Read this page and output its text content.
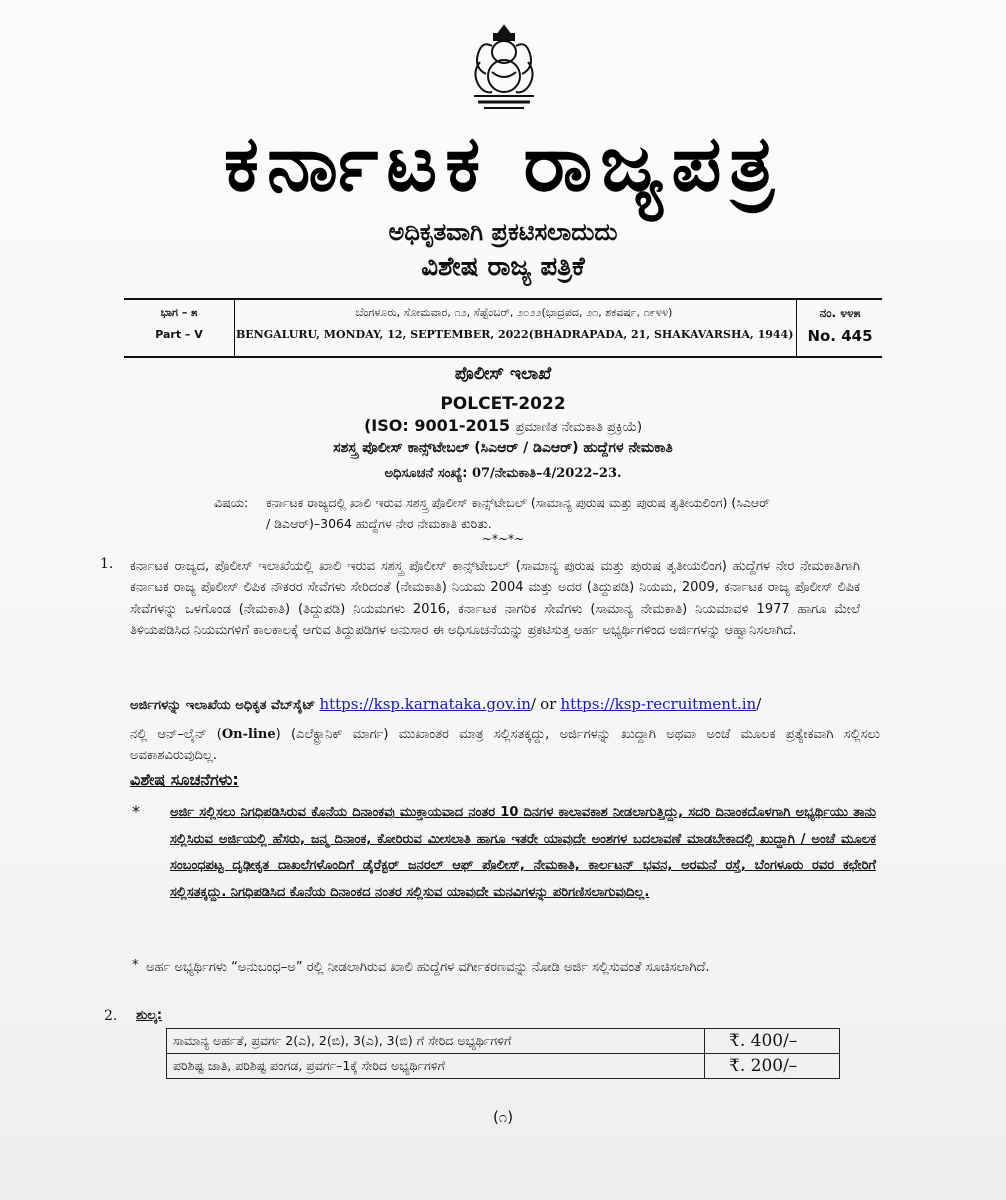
ಕರ್ನಾಟಕ ರಾಜ್ಯಪತ್ರ
ಅಧಿಕೃತವಾಗಿ ಪ್ರಕಟಿಸಲಾದುದು
ವಿಶೇಷ ರಾಜ್ಯ ಪತ್ರಿಕೆ
ಭಾಗ – ೫
Part – V
ಬೆಂಗಳೂರು, ಸೋಮವಾರ, ೧೨, ಸೆಪ್ಟೆಂಬರ್, ೨೦೨೨(ಭಾದ್ರಪದ, ೨೧, ಶಕವರ್ಷ, ೧೯೪೪)
BENGALURU, MONDAY, 12, SEPTEMBER, 2022(BHADRAPADA, 21, SHAKAVARSHA, 1944)
ನಂ. ೪೪೫
No. 445
ಪೊಲೀಸ್ ಇಲಾಖೆ
POLCET-2022
(ISO: 9001-2015 ಪ್ರಮಾಣಿತ ನೇಮಕಾತಿ ಪ್ರಕ್ರಿಯೆ)
ಸಶಸ್ತ್ರ ಪೊಲೀಸ್ ಕಾನ್ಸ್‌ಟೇಬಲ್ (ಸಿಎಆರ್ / ಡಿಎಆರ್) ಹುದ್ದೆಗಳ ನೇಮಕಾತಿ
ಅಧಿಸೂಚನೆ ಸಂಖ್ಯೆ: 07/ನೇಮಕಾತಿ–4/2022–23.
ವಿಷಯ: ಕರ್ನಾಟಕ ರಾಜ್ಯದಲ್ಲಿ ಖಾಲಿ ಇರುವ ಸಶಸ್ತ್ರ ಪೊಲೀಸ್ ಕಾನ್ಸ್‌ಟೇಬಲ್ (ಸಾಮಾನ್ಯ ಪುರುಷ ಮತ್ತು ಪುರುಷ ತೃತೀಯಲಿಂಗ) (ಸಿಎಆರ್ / ಡಿಎಆರ್)–3064 ಹುದ್ದೆಗಳ ನೇರ ನೇಮಕಾತಿ ಕುರಿತು.
~*~*~
1. ಕರ್ನಾಟಕ ರಾಜ್ಯದ, ಪೊಲೀಸ್ ಇಲಾಖೆಯಲ್ಲಿ ಖಾಲಿ ಇರುವ ಸಶಸ್ತ್ರ ಪೊಲೀಸ್ ಕಾನ್ಸ್‌ಟೇಬಲ್ (ಸಾಮಾನ್ಯ ಪುರುಷ ಮತ್ತು ಪುರುಷ ತೃತೀಯಲಿಂಗ) ಹುದ್ದೆಗಳ ನೇರ ನೇಮಕಾತಿಗಾಗಿ ಕರ್ನಾಟಕ ರಾಜ್ಯ ಪೊಲೀಸ್ ಲಿಪಿಕ ನೌಕರರ ಸೇವೆಗಳು ಸೇರಿದಂತೆ (ನೇಮಕಾತಿ) ನಿಯಮ 2004 ಮತ್ತು ಅದರ (ತಿದ್ದುಪಡಿ) ನಿಯಮ, 2009, ಕರ್ನಾಟಕ ರಾಜ್ಯ ಪೊಲೀಸ್ ಲಿಪಿಕ ಸೇವೆಗಳನ್ನು ಒಳಗೊಂಡ (ನೇಮಕಾತಿ) (ತಿದ್ದುಪಡಿ) ನಿಯಮಗಳು 2016, ಕರ್ನಾಟಕ ನಾಗರಿಕ ಸೇವೆಗಳು (ಸಾಮಾನ್ಯ ನೇಮಕಾತಿ) ನಿಯಮಾವಳಿ 1977 ಹಾಗೂ ಮೇಲೆ ತಿಳಿಯಪಡಿಸಿದ ನಿಯಮಗಳಿಗೆ ಕಾಲಕಾಲಕ್ಕೆ ಆಗುವ ತಿದ್ದುಪಡಿಗಳ ಅನುಸಾರ ಈ ಅಧಿಸೂಚನೆಯನ್ನು ಪ್ರಕಟಿಸುತ್ತ ಅರ್ಹ ಅಭ್ಯರ್ಥಿಗಳಿಂದ ಅರ್ಜಿಗಳನ್ನು ಆಹ್ವಾನಿಸಲಾಗಿದೆ.
ಅರ್ಜಿಗಳನ್ನು ಇಲಾಖೆಯ ಅಧಿಕೃತ ವೆಬ್‌ಸೈಟ್ https://ksp.karnataka.gov.in/ or https://ksp-recruitment.in/
ನಲ್ಲಿ ಆನ್–ಲೈನ್ (On-line) (ಎಲೆಕ್ಟ್ರಾನಿಕ್ ಮಾರ್ಗ) ಮುಖಾಂತರ ಮಾತ್ರ ಸಲ್ಲಿಸತಕ್ಕದ್ದು, ಅರ್ಜಿಗಳನ್ನು ಖುದ್ದಾಗಿ ಅಥವಾ ಅಂಚೆ ಮೂಲಕ ಪ್ರತ್ಯೇಕವಾಗಿ ಸಲ್ಲಿಸಲು ಅವಕಾಶವಿರುವುದಿಲ್ಲ.
ವಿಶೇಷ ಸೂಚನೆಗಳು:
* ಅರ್ಜಿ ಸಲ್ಲಿಸಲು ನಿಗಧಿಪಡಿಸಿರುವ ಕೊನೆಯ ದಿನಾಂಕವು ಮುಕ್ತಾಯವಾದ ನಂತರ 10 ದಿನಗಳ ಕಾಲಾವಕಾಶ ನೀಡಲಾಗುತ್ತಿದ್ದು, ಸದರಿ ದಿನಾಂಕದೊಳಗಾಗಿ ಅಭ್ಯರ್ಥಿಯು ತಾನು ಸಲ್ಲಿಸಿರುವ ಅರ್ಜಿಯಲ್ಲಿ ಹೆಸರು, ಜನ್ಮ ದಿನಾಂಕ, ಕೋರಿರುವ ಮೀಸಲಾತಿ ಹಾಗೂ ಇತರೇ ಯಾವುದೇ ಅಂಶಗಳ ಬದಲಾವಣೆ ಮಾಡಬೇಕಾದಲ್ಲಿ ಖುದ್ದಾಗಿ / ಅಂಚೆ ಮೂಲಕ ಸಂಬಂಧಪಟ್ಟ ದೃಢೀಕೃತ ದಾಖಲೆಗಳೊಂದಿಗೆ ಡೈರೆಕ್ಟರ್ ಜನರಲ್ ಆಫ್ ಪೊಲೀಸ್, ನೇಮಕಾತಿ, ಕಾರ್ಲಟನ್ ಭವನ, ಅರಮನೆ ರಸ್ತೆ, ಬೆಂಗಳೂರು ರವರ ಕಛೇರಿಗೆ ಸಲ್ಲಿಸತಕ್ಕದ್ದು. ನಿಗಧಿಪಡಿಸಿದ ಕೊನೆಯ ದಿನಾಂಕದ ನಂತರ ಸಲ್ಲಿಸುವ ಯಾವುದೇ ಮನವಿಗಳನ್ನು ಪರಿಗಣಿಸಲಾಗುವುದಿಲ್ಲ.
* ಅರ್ಹ ಅಭ್ಯರ್ಥಿಗಳು “ಅನುಬಂಧ–ಅ” ರಲ್ಲಿ ನೀಡಲಾಗಿರುವ ಖಾಲಿ ಹುದ್ದೆಗಳ ವರ್ಗೀಕರಣವನ್ನು ನೋಡಿ ಅರ್ಜಿ ಸಲ್ಲಿಸುವಂತೆ ಸೂಚಿಸಲಾಗಿದೆ.
2. ಶುಲ್ಕ:
ಸಾಮಾನ್ಯ ಅರ್ಹತೆ, ಪ್ರವರ್ಗ 2(ಎ), 2(ಬಿ), 3(ಎ), 3(ಬಿ) ಗೆ ಸೇರಿದ ಅಭ್ಯರ್ಥಿಗಳಿಗೆ	₹. 400/–
ಪರಿಶಿಷ್ಟ ಜಾತಿ, ಪರಿಶಿಷ್ಟ ಪಂಗಡ, ಪ್ರವರ್ಗ–1ಕ್ಕೆ ಸೇರಿದ ಅಭ್ಯರ್ಥಿಗಳಿಗೆ	₹. 200/–
(೧)
